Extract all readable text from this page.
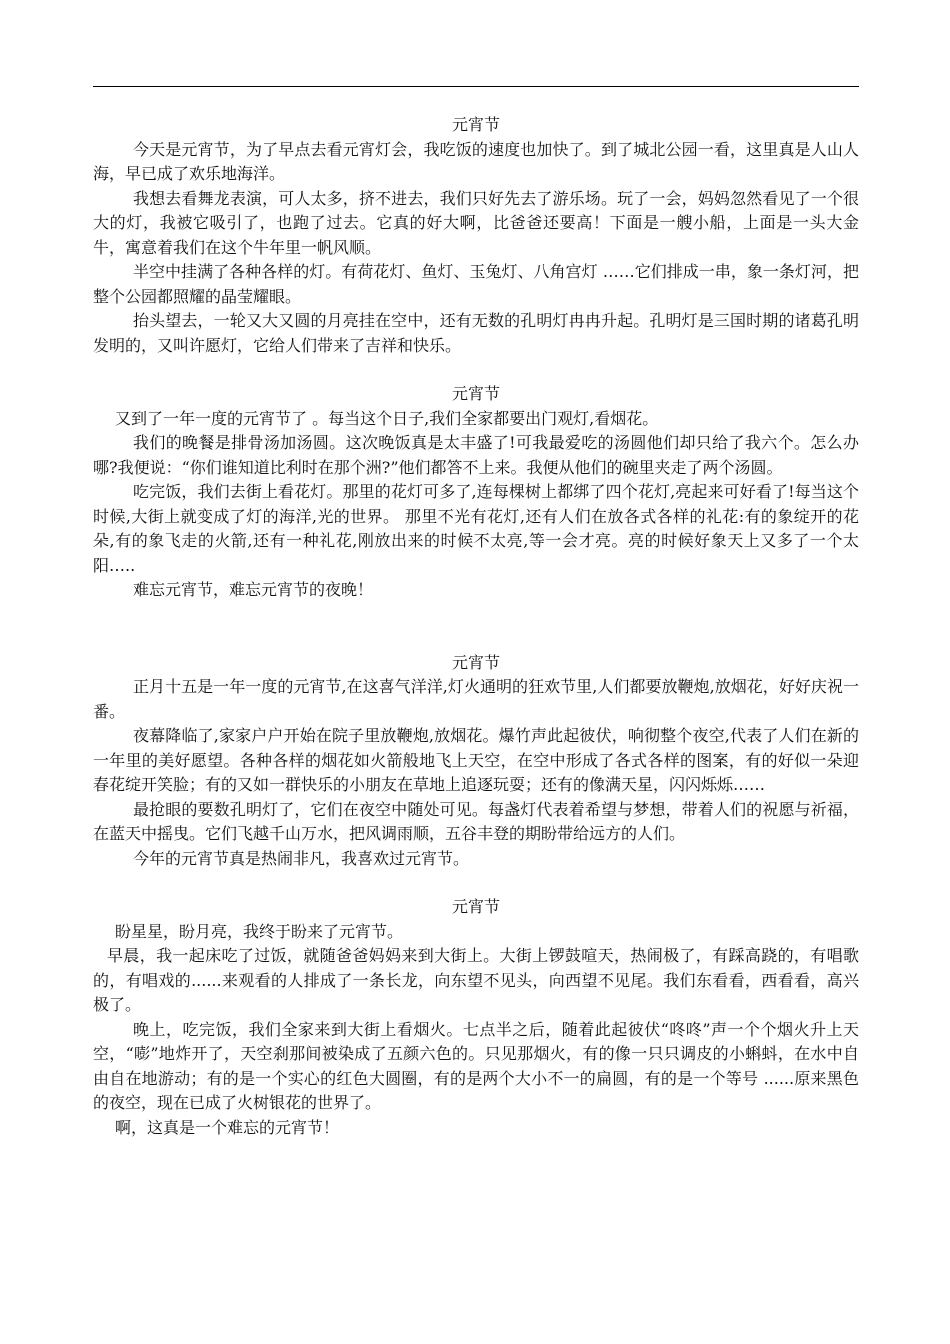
元宵节

今天是元宵节，为了早点去看元宵灯会，我吃饭的速度也加快了。到了城北公园一看，这里真是人山人海，早已成了欢乐地海洋。

我想去看舞龙表演，可人太多，挤不进去，我们只好先去了游乐场。玩了一会，妈妈忽然看见了一个很大的灯，我被它吸引了，也跑了过去。它真的好大啊，比爸爸还要高！下面是一艘小船，上面是一头大金牛，寓意着我们在这个牛年里一帆风顺。

半空中挂满了各种各样的灯。有荷花灯、鱼灯、玉兔灯、八角宫灯 ……它们排成一串，象一条灯河，把整个公园都照耀的晶莹耀眼。

抬头望去，一轮又大又圆的月亮挂在空中，还有无数的孔明灯冉冉升起。孔明灯是三国时期的诸葛孔明发明的，又叫许愿灯，它给人们带来了吉祥和快乐。

元宵节

又到了一年一度的元宵节了 。每当这个日子,我们全家都要出门观灯,看烟花。

我们的晚餐是排骨汤加汤圆。这次晚饭真是太丰盛了!可我最爱吃的汤圆他们却只给了我六个。怎么办哪?我便说：“你们谁知道比利时在那个洲?”他们都答不上来。我便从他们的碗里夹走了两个汤圆。

吃完饭，我们去街上看花灯。那里的花灯可多了,连每棵树上都绑了四个花灯,亮起来可好看了!每当这个时候,大街上就变成了灯的海洋,光的世界。 那里不光有花灯,还有人们在放各式各样的礼花:有的象绽开的花朵,有的象飞走的火箭,还有一种礼花,刚放出来的时候不太亮,等一会才亮。亮的时候好象天上又多了一个太阳…..

难忘元宵节，难忘元宵节的夜晚！

元宵节

正月十五是一年一度的元宵节,在这喜气洋洋,灯火通明的狂欢节里,人们都要放鞭炮,放烟花，好好庆祝一番。

夜幕降临了,家家户户开始在院子里放鞭炮,放烟花。爆竹声此起彼伏，响彻整个夜空,代表了人们在新的一年里的美好愿望。各种各样的烟花如火箭般地飞上天空，在空中形成了各式各样的图案，有的好似一朵迎春花绽开笑脸；有的又如一群快乐的小朋友在草地上追逐玩耍；还有的像满天星，闪闪烁烁……

最抢眼的要数孔明灯了，它们在夜空中随处可见。每盏灯代表着希望与梦想，带着人们的祝愿与祈福，在蓝天中摇曳。它们飞越千山万水，把风调雨顺，五谷丰登的期盼带给远方的人们。

今年的元宵节真是热闹非凡，我喜欢过元宵节。

元宵节

盼星星，盼月亮，我终于盼来了元宵节。

早晨，我一起床吃了过饭，就随爸爸妈妈来到大街上。大街上锣鼓喧天，热闹极了，有踩高跷的，有唱歌的，有唱戏的......来观看的人排成了一条长龙，向东望不见头，向西望不见尾。我们东看看，西看看，高兴极了。

晚上，吃完饭，我们全家来到大街上看烟火。七点半之后，随着此起彼伏“咚咚”声一个个烟火升上天空，“嘭”地炸开了，天空刹那间被染成了五颜六色的。只见那烟火，有的像一只只调皮的小蝌蚪，在水中自由自在地游动；有的是一个实心的红色大圆圈，有的是两个大小不一的扁圆，有的是一个等号 ......原来黑色的夜空，现在已成了火树银花的世界了。

啊，这真是一个难忘的元宵节！
